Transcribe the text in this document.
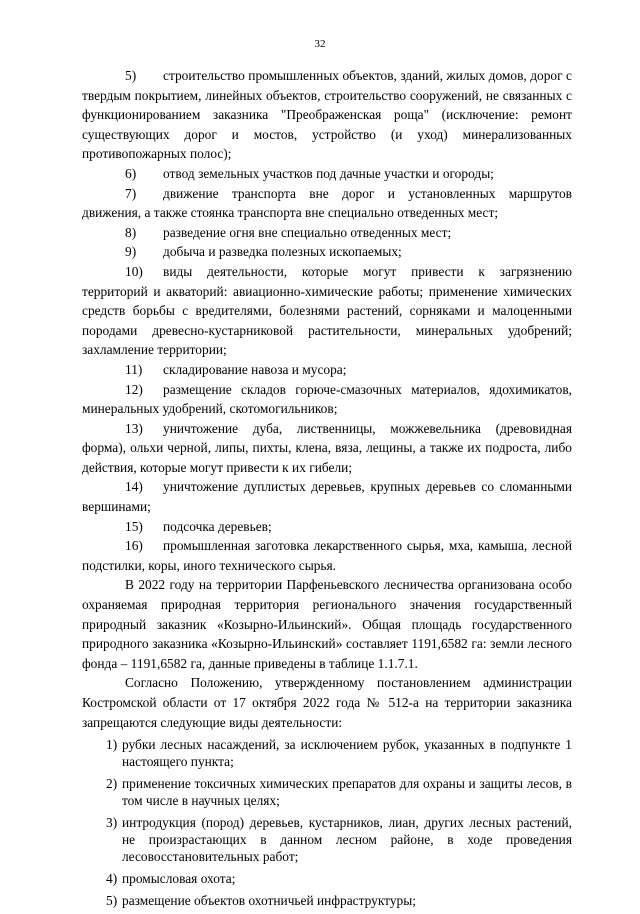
32

5) строительство промышленных объектов, зданий, жилых домов, дорог с твердым покрытием, линейных объектов, строительство сооружений, не связанных с функционированием заказника "Преображенская роща" (исключение: ремонт существующих дорог и мостов, устройство (и уход) минерализованных противопожарных полос);

6) отвод земельных участков под дачные участки и огороды;

7) движение транспорта вне дорог и установленных маршрутов движения, а также стоянка транспорта вне специально отведенных мест;

8) разведение огня вне специально отведенных мест;

9) добыча и разведка полезных ископаемых;

10) виды деятельности, которые могут привести к загрязнению территорий и акваторий: авиационно-химические работы; применение химических средств борьбы с вредителями, болезнями растений, сорняками и малоценными породами древесно-кустарниковой растительности, минеральных удобрений; захламление территории;

11) складирование навоза и мусора;

12) размещение складов горюче-смазочных материалов, ядохимикатов, минеральных удобрений, скотомогильников;

13) уничтожение дуба, лиственницы, можжевельника (древовидная форма), ольхи черной, липы, пихты, клена, вяза, лещины, а также их подроста, либо действия, которые могут привести к их гибели;

14) уничтожение дуплистых деревьев, крупных деревьев со сломанными вершинами;

15) подсочка деревьев;

16) промышленная заготовка лекарственного сырья, мха, камыша, лесной подстилки, коры, иного технического сырья.

В 2022 году на территории Парфеньевского лесничества организована особо охраняемая природная территория регионального значения государственный природный заказник «Козырно-Ильинский». Общая площадь государственного природного заказника «Козырно-Ильинский» составляет 1191,6582 га: земли лесного фонда – 1191,6582 га, данные приведены в таблице 1.1.7.1.

Согласно Положению, утвержденному постановлением администрации Костромской области от 17 октября 2022 года № 512-а на территории заказника запрещаются следующие виды деятельности:

1) рубки лесных насаждений, за исключением рубок, указанных в подпункте 1 настоящего пункта;
2) применение токсичных химических препаратов для охраны и защиты лесов, в том числе в научных целях;
3) интродукция (пород) деревьев, кустарников, лиан, других лесных растений, не произрастающих в данном лесном районе, в ходе проведения лесовосстановительных работ;
4) промысловая охота;
5) размещение объектов охотничьей инфраструктуры;
